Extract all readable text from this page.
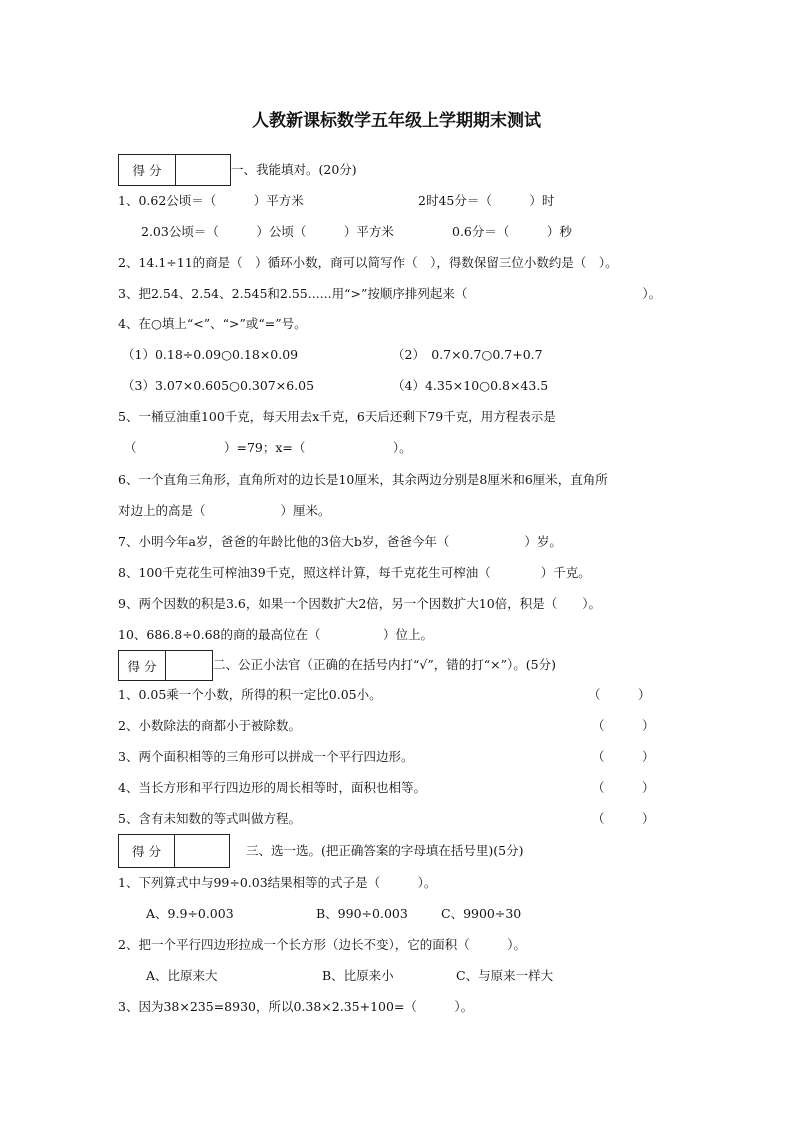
人教新课标数学五年级上学期期末测试
得 分	一、我能填对。(20分)
1、0.62公顷＝（　　　）平方米	2时45分＝（　　　）时
2.03公顷＝（　　　）公顷（　　　）平方米	0.6分＝（　　　）秒
2、14.1÷11的商是（　）循环小数，商可以简写作（　），得数保留三位小数约是（　）。
3、把2.54、2.54、2.545和2.55......用“>”按顺序排列起来（　　　　　　　　　　　　　　）。
4、在○填上“<”、“>”或“=”号。
（1）0.18÷0.09○0.18×0.09	（2）　0.7×0.7○0.7+0.7
（3）3.07×0.605○0.307×6.05	（4）4.35×10○0.8×43.5
5、一桶豆油重100千克，每天用去x千克，6天后还剩下79千克，用方程表示是
（　　　　　　　）=79；x=（　　　　　　　）。
6、一个直角三角形，直角所对的边长是10厘米，其余两边分别是8厘米和6厘米，直角所
对边上的高是（　　　　　　）厘米。
7、小明今年a岁，爸爸的年龄比他的3倍大b岁，爸爸今年（　　　　　　）岁。
8、100千克花生可榨油39千克，照这样计算，每千克花生可榨油（　　　　）千克。
9、两个因数的积是3.6，如果一个因数扩大2倍，另一个因数扩大10倍，积是（　　）。
10、686.8÷0.68的商的最高位在（　　　　　）位上。
得 分	二、公正小法官（正确的在括号内打“√”，错的打“×”）。(5分)
1、0.05乘一个小数，所得的积一定比0.05小。	（　　　）
2、小数除法的商都小于被除数。	（　　　）
3、两个面积相等的三角形可以拼成一个平行四边形。	（　　　）
4、当长方形和平行四边形的周长相等时，面积也相等。	（　　　）
5、含有未知数的等式叫做方程。	（　　　）
得 分	三、选一选。(把正确答案的字母填在括号里)(5分)
1、下列算式中与99÷0.03结果相等的式子是（　　　）。
A、9.9÷0.003	B、990÷0.003	C、9900÷30
2、把一个平行四边形拉成一个长方形（边长不变），它的面积（　　　）。
A、比原来大	B、比原来小	C、与原来一样大
3、因为38×235=8930，所以0.38×2.35+100=（　　　）。
